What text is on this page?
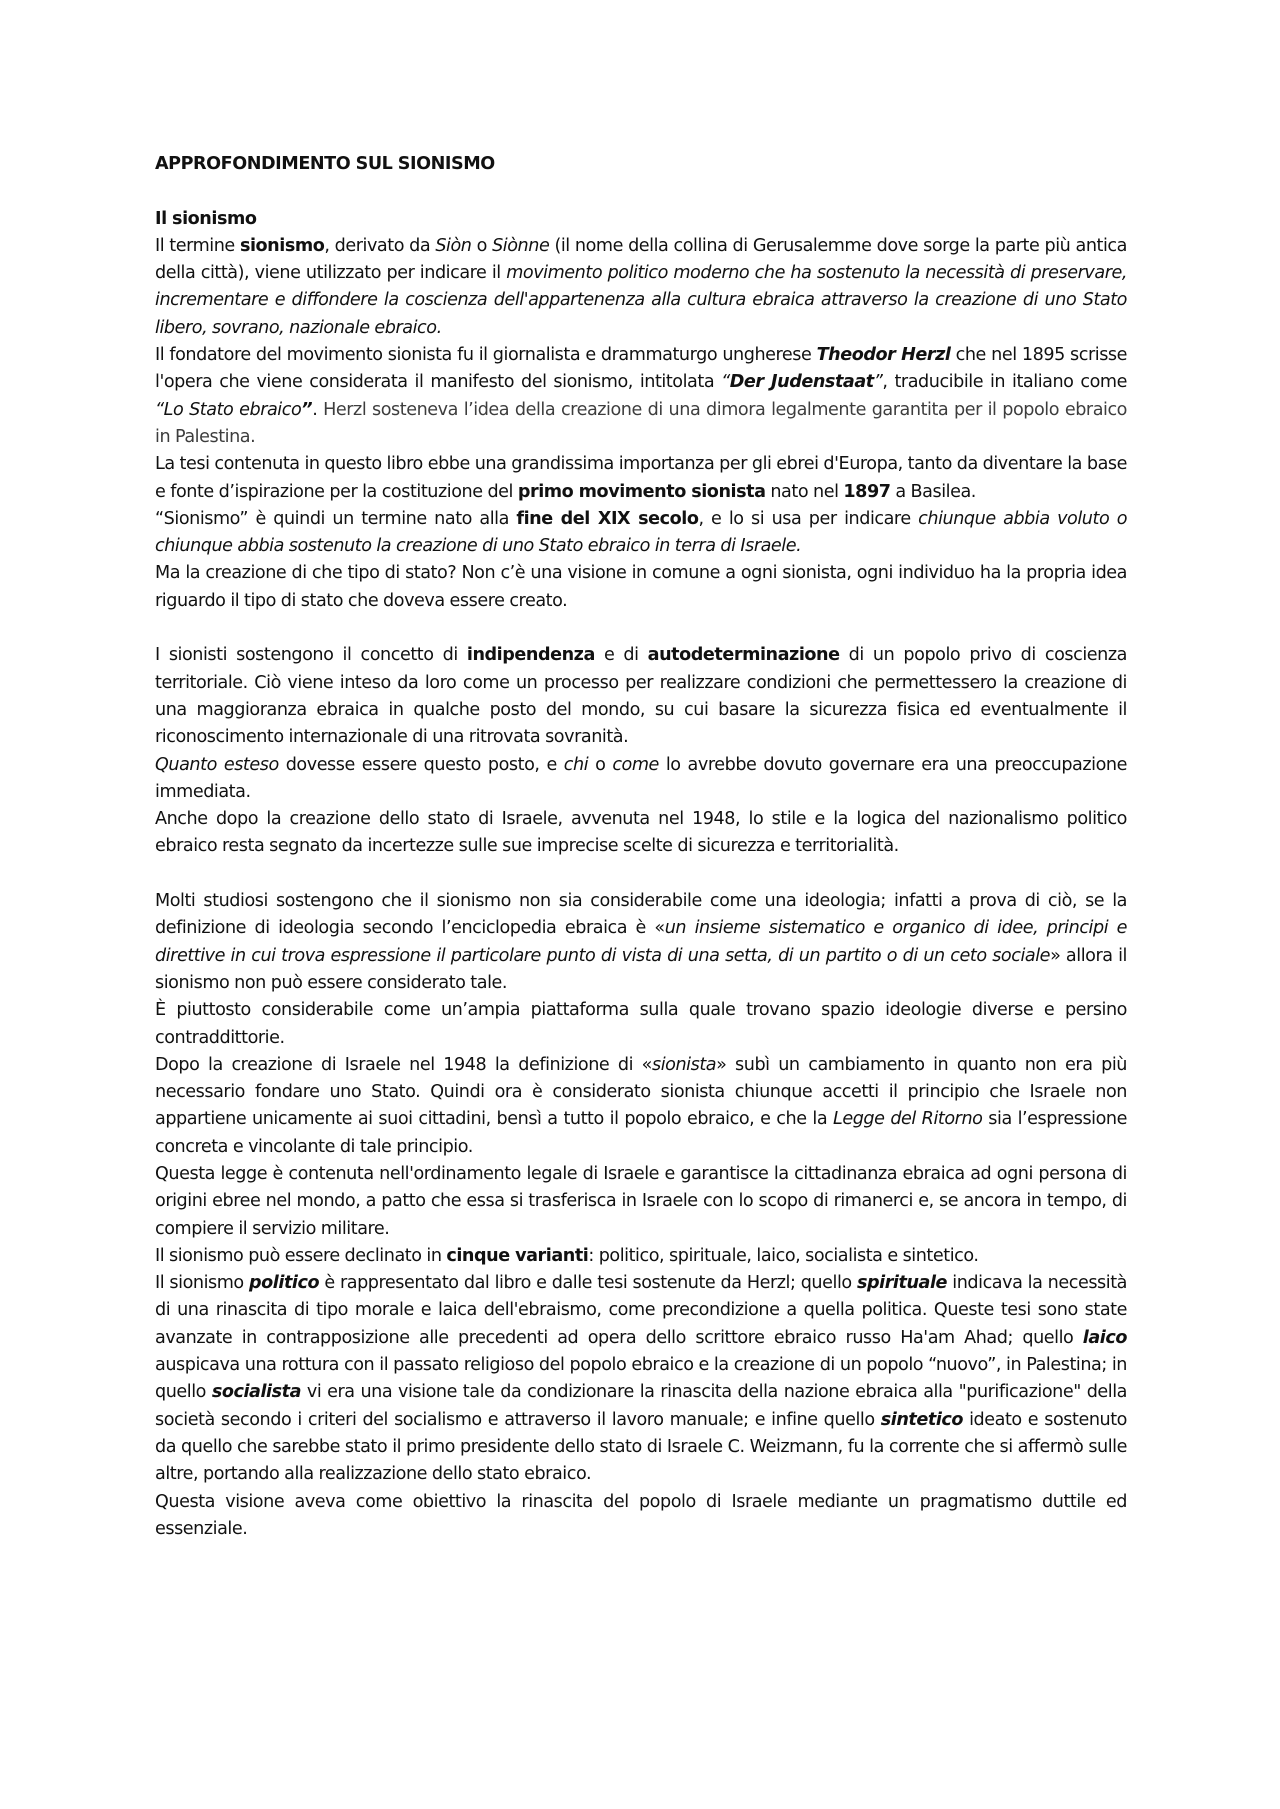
APPROFONDIMENTO SUL SIONISMO

Il sionismo

Il termine sionismo, derivato da Siòn o Siònne (il nome della collina di Gerusalemme dove sorge la parte più antica della città), viene utilizzato per indicare il movimento politico moderno che ha sostenuto la necessità di preservare, incrementare e diffondere la coscienza dell'appartenenza alla cultura ebraica attraverso la creazione di uno Stato libero, sovrano, nazionale ebraico.

Il fondatore del movimento sionista fu il giornalista e drammaturgo ungherese Theodor Herzl che nel 1895 scrisse l'opera che viene considerata il manifesto del sionismo, intitolata “Der Judenstaat”, traducibile in italiano come “Lo Stato ebraico”. Herzl sosteneva l’idea della creazione di una dimora legalmente garantita per il popolo ebraico in Palestina.

La tesi contenuta in questo libro ebbe una grandissima importanza per gli ebrei d'Europa, tanto da diventare la base e fonte d’ispirazione per la costituzione del primo movimento sionista nato nel 1897 a Basilea.

“Sionismo” è quindi un termine nato alla fine del XIX secolo, e lo si usa per indicare chiunque abbia voluto o chiunque abbia sostenuto la creazione di uno Stato ebraico in terra di Israele.

Ma la creazione di che tipo di stato? Non c’è una visione in comune a ogni sionista, ogni individuo ha la propria idea riguardo il tipo di stato che doveva essere creato.

I sionisti sostengono il concetto di indipendenza e di autodeterminazione di un popolo privo di coscienza territoriale. Ciò viene inteso da loro come un processo per realizzare condizioni che permettessero la creazione di una maggioranza ebraica in qualche posto del mondo, su cui basare la sicurezza fisica ed eventualmente il riconoscimento internazionale di una ritrovata sovranità.

Quanto esteso dovesse essere questo posto, e chi o come lo avrebbe dovuto governare era una preoccupazione immediata.

Anche dopo la creazione dello stato di Israele, avvenuta nel 1948, lo stile e la logica del nazionalismo politico ebraico resta segnato da incertezze sulle sue imprecise scelte di sicurezza e territorialità.

Molti studiosi sostengono che il sionismo non sia considerabile come una ideologia; infatti a prova di ciò, se la definizione di ideologia secondo l’enciclopedia ebraica è «un insieme sistematico e organico di idee, principi e direttive in cui trova espressione il particolare punto di vista di una setta, di un partito o di un ceto sociale» allora il sionismo non può essere considerato tale.

È piuttosto considerabile come un’ampia piattaforma sulla quale trovano spazio ideologie diverse e persino contraddittorie.

Dopo la creazione di Israele nel 1948 la definizione di «sionista» subì un cambiamento in quanto non era più necessario fondare uno Stato. Quindi ora è considerato sionista chiunque accetti il principio che Israele non appartiene unicamente ai suoi cittadini, bensì a tutto il popolo ebraico, e che la Legge del Ritorno sia l’espressione concreta e vincolante di tale principio.

Questa legge è contenuta nell'ordinamento legale di Israele e garantisce la cittadinanza ebraica ad ogni persona di origini ebree nel mondo, a patto che essa si trasferisca in Israele con lo scopo di rimanerci e, se ancora in tempo, di compiere il servizio militare.

Il sionismo può essere declinato in cinque varianti: politico, spirituale, laico, socialista e sintetico.

Il sionismo politico è rappresentato dal libro e dalle tesi sostenute da Herzl; quello spirituale indicava la necessità di una rinascita di tipo morale e laica dell'ebraismo, come precondizione a quella politica. Queste tesi sono state avanzate in contrapposizione alle precedenti ad opera dello scrittore ebraico russo Ha'am Ahad; quello laico auspicava una rottura con il passato religioso del popolo ebraico e la creazione di un popolo “nuovo”, in Palestina; in quello socialista vi era una visione tale da condizionare la rinascita della nazione ebraica alla "purificazione" della società secondo i criteri del socialismo e attraverso il lavoro manuale; e infine quello sintetico ideato e sostenuto da quello che sarebbe stato il primo presidente dello stato di Israele C. Weizmann, fu la corrente che si affermò sulle altre, portando alla realizzazione dello stato ebraico.

Questa visione aveva come obiettivo la rinascita del popolo di Israele mediante un pragmatismo duttile ed essenziale.
